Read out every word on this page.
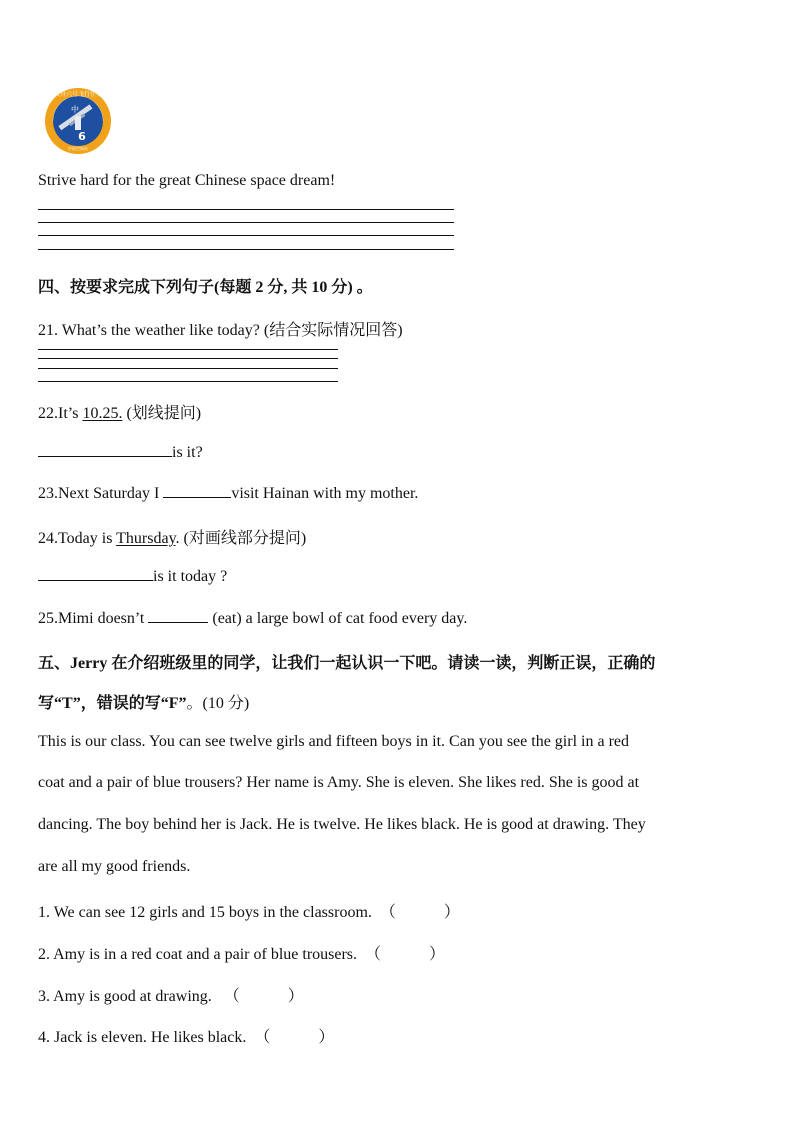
天舟六号飞行任务
中国空间站
中
6
Strive hard for the great Chinese space dream!
四、按要求完成下列句子(每题 2 分, 共 10 分) 。
21. What’s the weather like today? (结合实际情况回答)
22.It’s 10.25. (划线提问)
is it?
23.Next Saturday I	visit Hainan with my mother.
24.Today is Thursday. (对画线部分提问)
is it today ?
25.Mimi doesn’t	(eat) a large bowl of cat food every day.
五、Jerry 在介绍班级里的同学，让我们一起认识一下吧。请读一读，判断正误，正确的
写“T”，错误的写“F”。(10 分)
This is our class. You can see twelve girls and fifteen boys in it. Can you see the girl in a red
coat and a pair of blue trousers? Her name is Amy. She is eleven. She likes red. She is good at
dancing. The boy behind her is Jack. He is twelve. He likes black. He is good at drawing. They
are all my good friends.
1. We can see 12 girls and 15 boys in the classroom.  （	）
2. Amy is in a red coat and a pair of blue trousers.  （	）
3. Amy is good at drawing.   （	）
4. Jack is eleven. He likes black.  （	）
